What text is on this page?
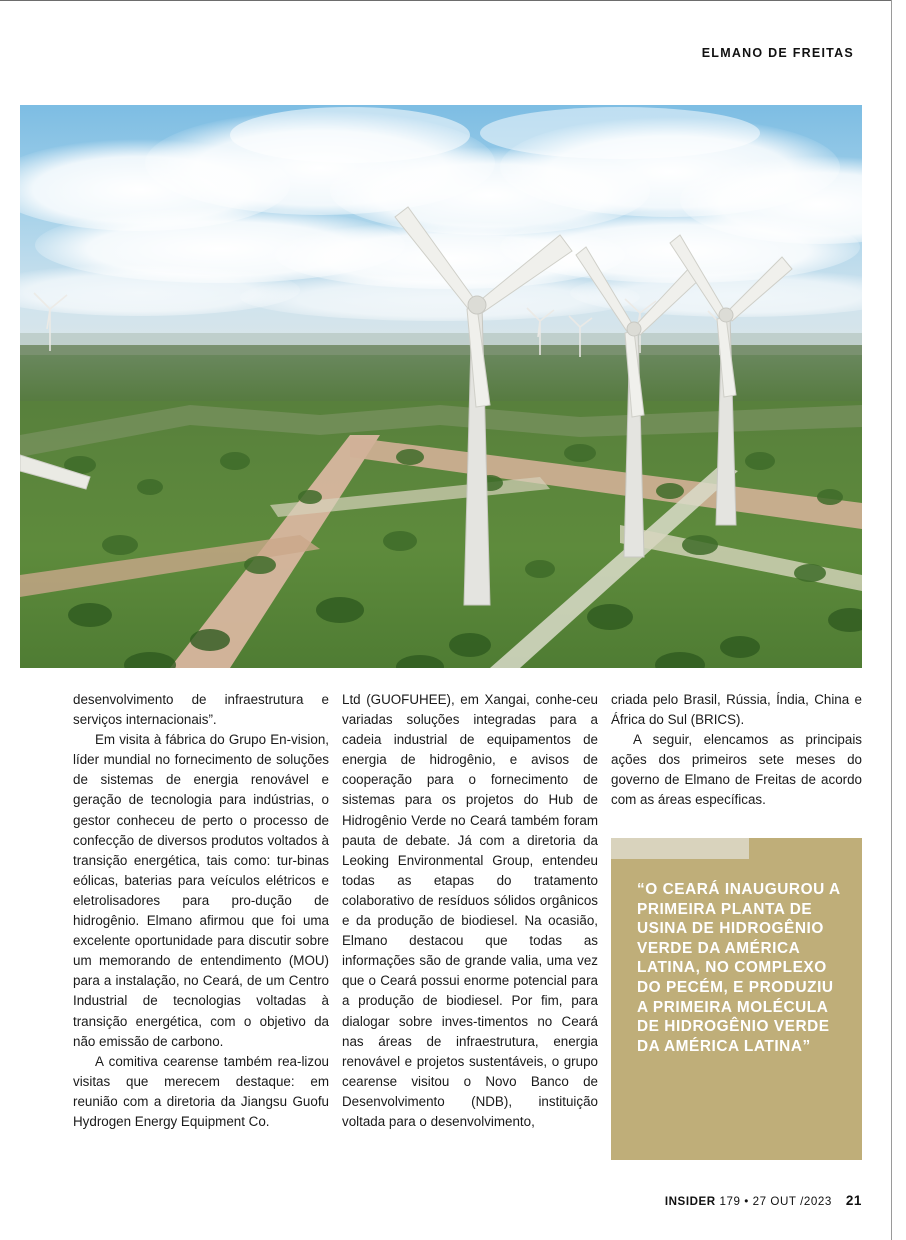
ELMANO DE FREITAS

desenvolvimento de infraestrutura e serviços internacionais”.

Em visita à fábrica do Grupo En-vision, líder mundial no fornecimento de soluções de sistemas de energia renovável e geração de tecnologia para indústrias, o gestor conheceu de perto o processo de confecção de diversos produtos voltados à transição energética, tais como: tur-binas eólicas, baterias para veículos elétricos e eletrolisadores para pro-dução de hidrogênio. Elmano afirmou que foi uma excelente oportunidade para discutir sobre um memorando de entendimento (MOU) para a instalação, no Ceará, de um Centro Industrial de tecnologias voltadas à transição energética, com o objetivo da não emissão de carbono.

A comitiva cearense também rea-lizou visitas que merecem destaque: em reunião com a diretoria da Jiangsu Guofu Hydrogen Energy Equipment Co.

Ltd (GUOFUHEE), em Xangai, conhe-ceu variadas soluções integradas para a cadeia industrial de equipamentos de energia de hidrogênio, e avisos de cooperação para o fornecimento de sistemas para os projetos do Hub de Hidrogênio Verde no Ceará também foram pauta de debate. Já com a diretoria da Leoking Environmental Group, entendeu todas as etapas do tratamento colaborativo de resíduos sólidos orgânicos e da produção de biodiesel. Na ocasião, Elmano destacou que todas as informações são de grande valia, uma vez que o Ceará possui enorme potencial para a produção de biodiesel. Por fim, para dialogar sobre inves-timentos no Ceará nas áreas de infraestrutura, energia renovável e projetos sustentáveis, o grupo cearense visitou o Novo Banco de Desenvolvimento (NDB), instituição voltada para o desenvolvimento,

criada pelo Brasil, Rússia, Índia, China e África do Sul (BRICS).

A seguir, elencamos as principais ações dos primeiros sete meses do governo de Elmano de Freitas de acordo com as áreas específicas.

“O CEARÁ INAUGUROU A PRIMEIRA PLANTA DE USINA DE HIDROGÊNIO VERDE DA AMÉRICA LATINA, NO COMPLEXO DO PECÉM, E PRODUZIU A PRIMEIRA MOLÉCULA DE HIDROGÊNIO VERDE DA AMÉRICA LATINA”
INSIDER 179 • 27 OUT /2023 21
